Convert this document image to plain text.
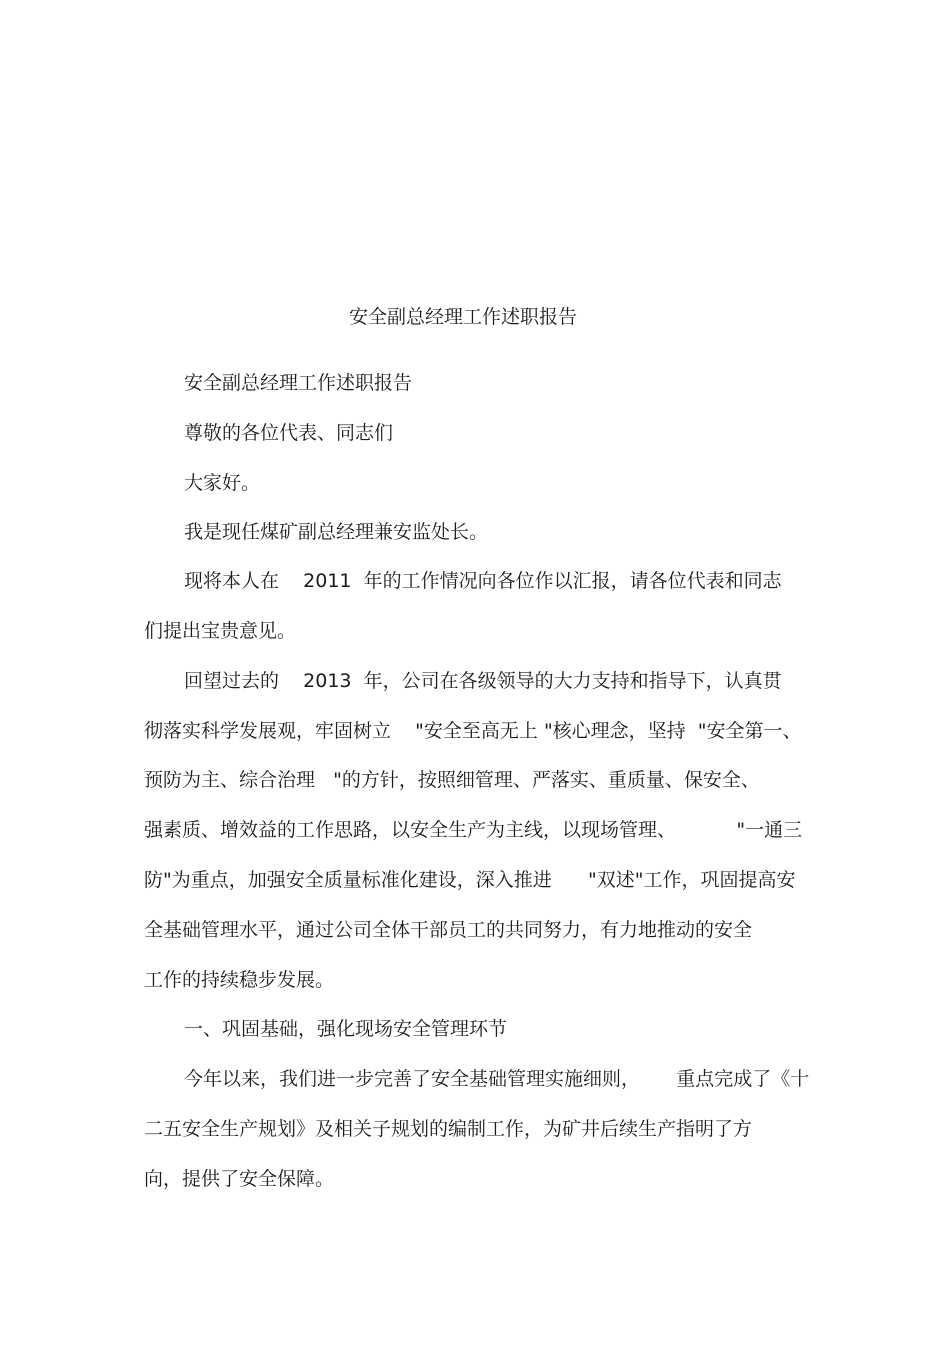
安全副总经理工作述职报告
安全副总经理工作述职报告
尊敬的各位代表、同志们
大家好。
我是现任煤矿副总经理兼安监处长。
现将本人在    2011  年的工作情况向各位作以汇报，请各位代表和同志
们提出宝贵意见。
回望过去的    2013  年，公司在各级领导的大力支持和指导下，认真贯
彻落实科学发展观，牢固树立    "安全至高无上 "核心理念，坚持  "安全第一、
预防为主、综合治理   "的方针，按照细管理、严落实、重质量、保安全、
强素质、增效益的工作思路，以安全生产为主线，以现场管理、          "一通三
防"为重点，加强安全质量标准化建设，深入推进      "双述"工作，巩固提高安
全基础管理水平，通过公司全体干部员工的共同努力，有力地推动的安全
工作的持续稳步发展。
一、巩固基础，强化现场安全管理环节
今年以来，我们进一步完善了安全基础管理实施细则，      重点完成了《十
二五安全生产规划》及相关子规划的编制工作，为矿井后续生产指明了方
向，提供了安全保障。
